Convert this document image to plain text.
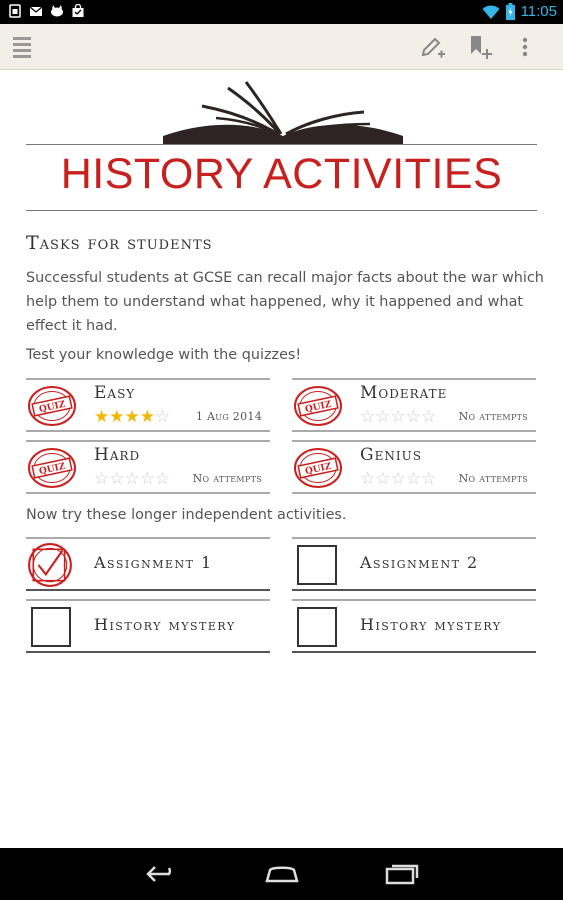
11:05
HISTORY ACTIVITIES
Tasks for students
Successful students at GCSE can recall major facts about the war which help them to understand what happened, why it happened and what effect it had.
Test your knowledge with the quizzes!
QUIZ
Easy
★ ★ ★ ★ ☆ 1 Aug 2014
QUIZ
Moderate
☆ ☆ ☆ ☆ ☆ No attempts
QUIZ
Hard
☆ ☆ ☆ ☆ ☆ No attempts
QUIZ
Genius
☆ ☆ ☆ ☆ ☆ No attempts
Now try these longer independent activities.
Assignment 1	Assignment 2
History mystery	History mystery
